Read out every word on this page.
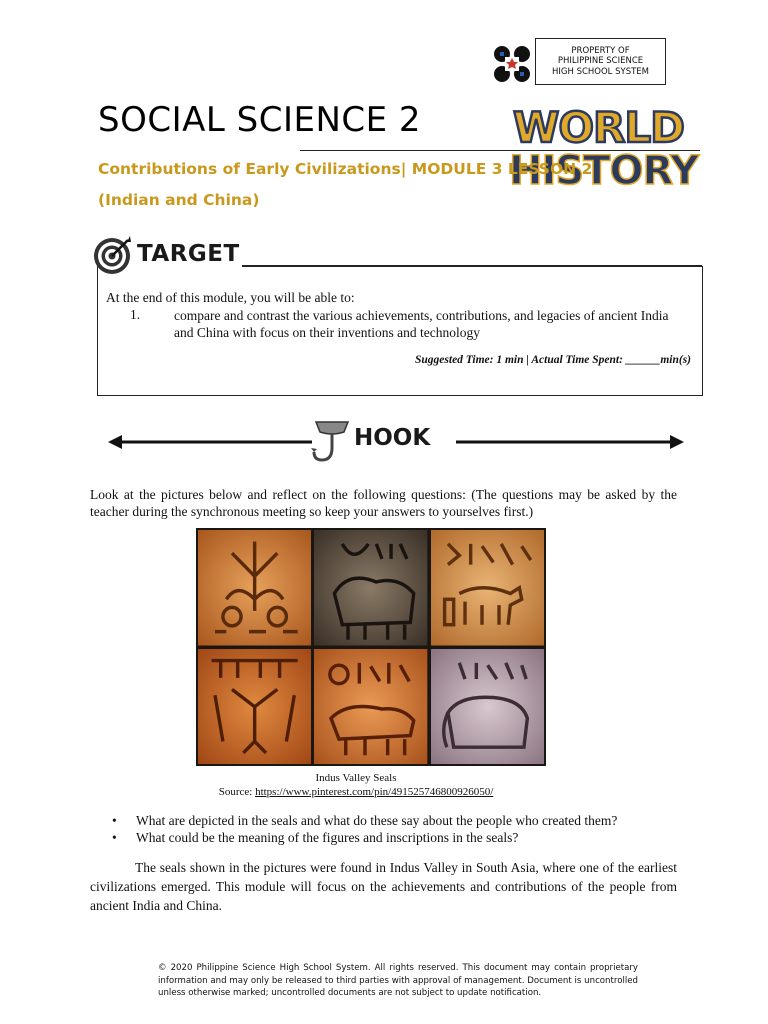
PROPERTY OF
PHILIPPINE SCIENCE
HIGH SCHOOL SYSTEM
WORLD
HISTORY
SOCIAL SCIENCE 2
Contributions of Early Civilizations| MODULE 3 LESSON 2
(Indian and China)
TARGET
At the end of this module, you will be able to:
1.	compare and contrast the various achievements, contributions, and legacies of ancient India and China with focus on their inventions and technology
Suggested Time: 1 min | Actual Time Spent: ______min(s)
HOOK
Look at the pictures below and reflect on the following questions: (The questions may be asked by the teacher during the synchronous meeting so keep your answers to yourselves first.)
Indus Valley Seals
Source: https://www.pinterest.com/pin/491525746800926050/
•	What are depicted in the seals and what do these say about the people who created them?
•	What could be the meaning of the figures and inscriptions in the seals?
The seals shown in the pictures were found in Indus Valley in South Asia, where one of the earliest civilizations emerged. This module will focus on the achievements and contributions of the people from ancient India and China.
© 2020 Philippine Science High School System. All rights reserved. This document may contain proprietary information and may only be released to third parties with approval of management. Document is uncontrolled unless otherwise marked; uncontrolled documents are not subject to update notification.
